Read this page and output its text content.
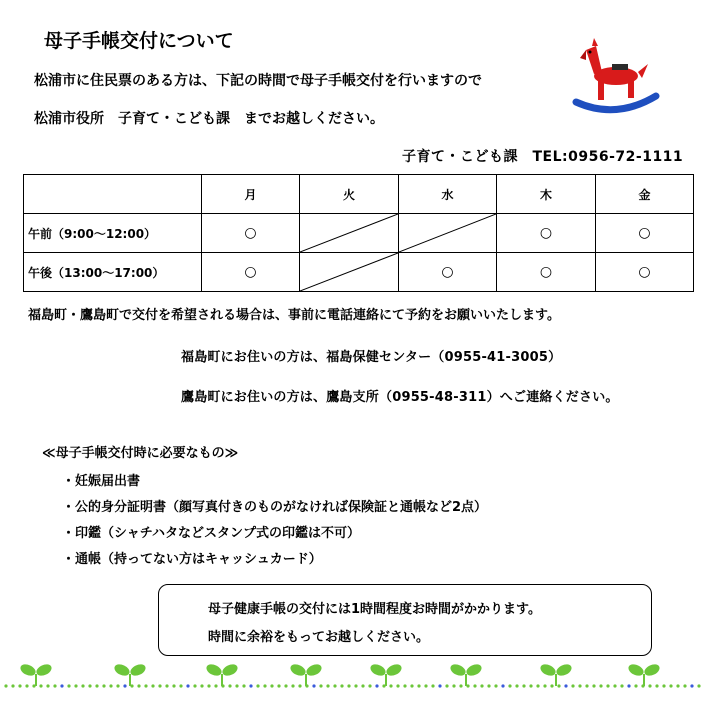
母子手帳交付について
松浦市に住民票のある方は、下記の時間で母子手帳交付を行いますので
松浦市役所　子育て・こども課　までお越しください。
子育て・こども課　TEL:0956-72-1111
	月	火	水	木	金
午前（9:00～12:00）	○			○	○
午後（13:00～17:00）	○		○	○	○
福島町・鷹島町で交付を希望される場合は、事前に電話連絡にて予約をお願いいたします。
福島町にお住いの方は、福島保健センター（0955-41-3005）
鷹島町にお住いの方は、鷹島支所（0955-48-311）へご連絡ください。
≪母子手帳交付時に必要なもの≫
・妊娠届出書
・公的身分証明書（顔写真付きのものがなければ保険証と通帳など2点）
・印鑑（シャチハタなどスタンプ式の印鑑は不可）
・通帳（持ってない方はキャッシュカード）
母子健康手帳の交付には1時間程度お時間がかかります。
時間に余裕をもってお越しください。
